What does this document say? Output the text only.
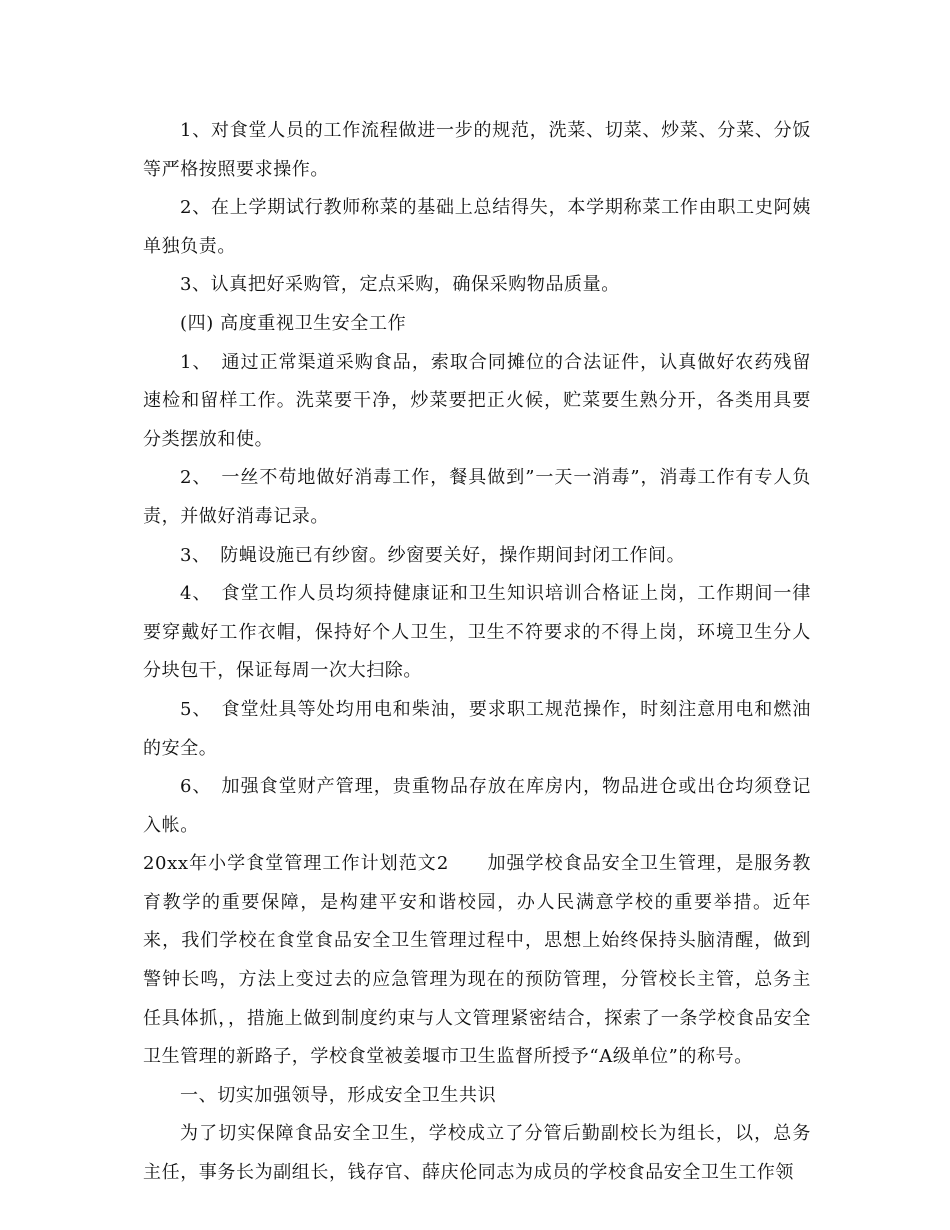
1、对食堂人员的工作流程做进一步的规范，洗菜、切菜、炒菜、分菜、分饭等严格按照要求操作。

2、在上学期试行教师称菜的基础上总结得失，本学期称菜工作由职工史阿姨单独负责。

3、认真把好采购管，定点采购，确保采购物品质量。

(四) 高度重视卫生安全工作

1、　通过正常渠道采购食品，索取合同摊位的合法证件，认真做好农药残留速检和留样工作。洗菜要干净，炒菜要把正火候，贮菜要生熟分开，各类用具要分类摆放和使。

2、　一丝不苟地做好消毒工作，餐具做到”一天一消毒”，消毒工作有专人负责，并做好消毒记录。

3、　防蝇设施已有纱窗。纱窗要关好，操作期间封闭工作间。

4、　食堂工作人员均须持健康证和卫生知识培训合格证上岗，工作期间一律要穿戴好工作衣帽，保持好个人卫生，卫生不符要求的不得上岗，环境卫生分人分块包干，保证每周一次大扫除。

5、　食堂灶具等处均用电和柴油，要求职工规范操作，时刻注意用电和燃油的安全。

6、　加强食堂财产管理，贵重物品存放在库房内，物品进仓或出仓均须登记入帐。

20xx年小学食堂管理工作计划范文2　　加强学校食品安全卫生管理，是服务教育教学的重要保障，是构建平安和谐校园，办人民满意学校的重要举措。近年来，我们学校在食堂食品安全卫生管理过程中，思想上始终保持头脑清醒，做到警钟长鸣，方法上变过去的应急管理为现在的预防管理，分管校长主管，总务主任具体抓，，措施上做到制度约束与人文管理紧密结合，探索了一条学校食品安全卫生管理的新路子，学校食堂被姜堰市卫生监督所授予“A级单位”的称号。

一、切实加强领导，形成安全卫生共识

为了切实保障食品安全卫生，学校成立了分管后勤副校长为组长，以，总务主任，事务长为副组长，钱存官、薛庆伦同志为成员的学校食品安全卫生工作领
